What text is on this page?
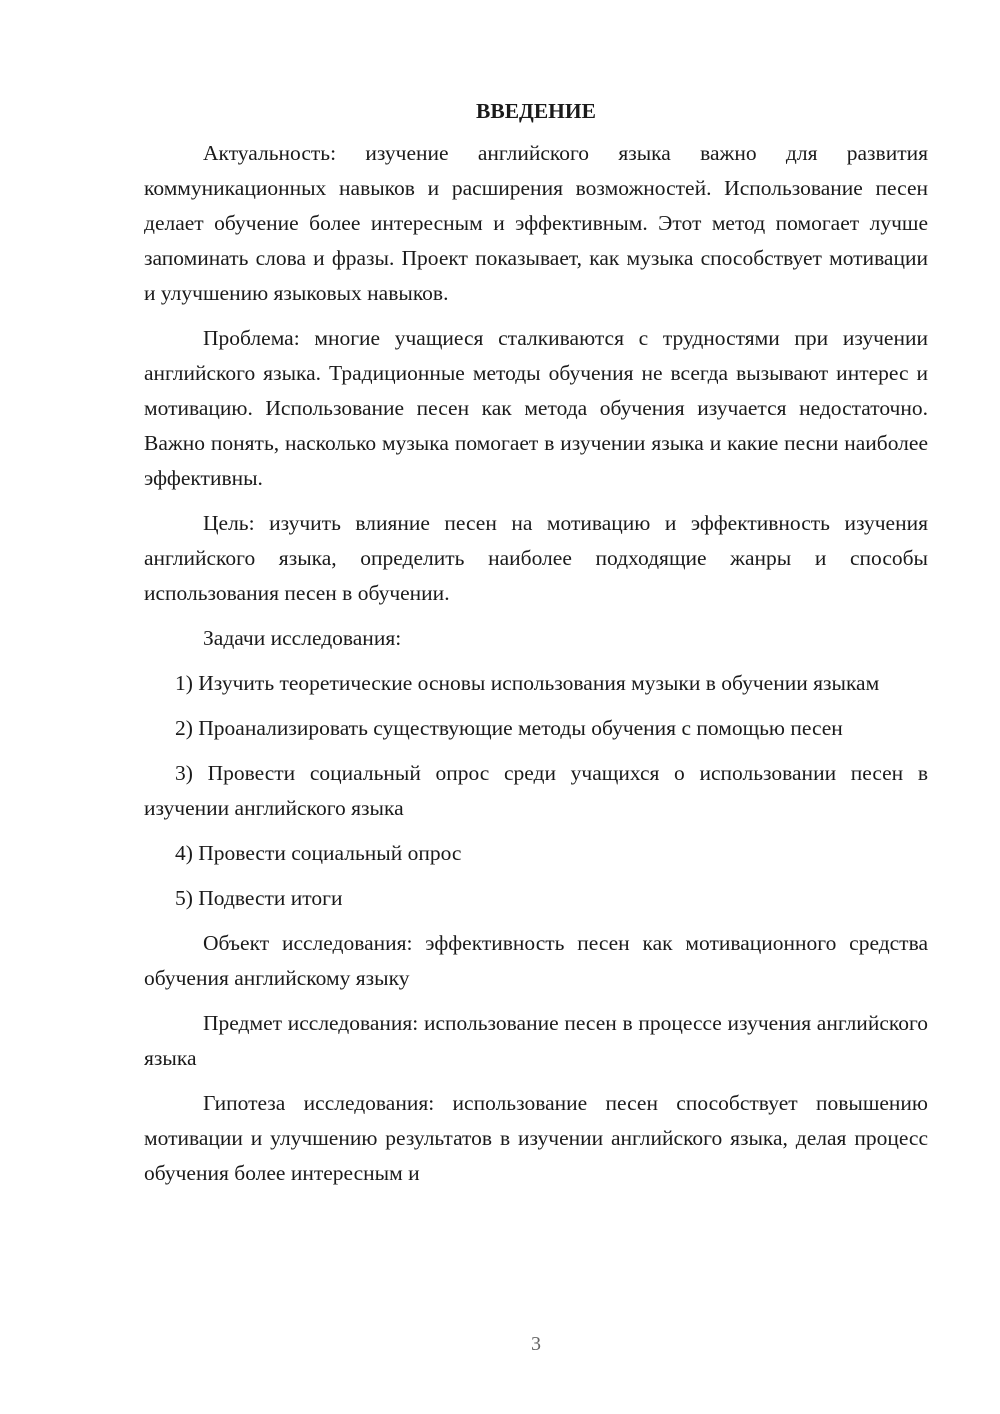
ВВЕДЕНИЕ

Актуальность: изучение английского языка важно для развития коммуникационных навыков и расширения возможностей. Использование песен делает обучение более интересным и эффективным. Этот метод помогает лучше запоминать слова и фразы. Проект показывает, как музыка способствует мотивации и улучшению языковых навыков.

Проблема: многие учащиеся сталкиваются с трудностями при изучении английского языка. Традиционные методы обучения не всегда вызывают интерес и мотивацию. Использование песен как метода обучения изучается недостаточно. Важно понять, насколько музыка помогает в изучении языка и какие песни наиболее эффективны.

Цель: изучить влияние песен на мотивацию и эффективность изучения английского языка, определить наиболее подходящие жанры и способы использования песен в обучении.

Задачи исследования:

1) Изучить теоретические основы использования музыки в обучении языкам

2) Проанализировать существующие методы обучения с помощью песен

3) Провести социальный опрос среди учащихся о использовании песен в изучении английского языка

4) Провести социальный опрос

5) Подвести итоги

Объект исследования: эффективность песен как мотивационного средства обучения английскому языку

Предмет исследования: использование песен в процессе изучения английского языка

Гипотеза исследования: использование песен способствует повышению мотивации и улучшению результатов в изучении английского языка, делая процесс обучения более интересным и

3
